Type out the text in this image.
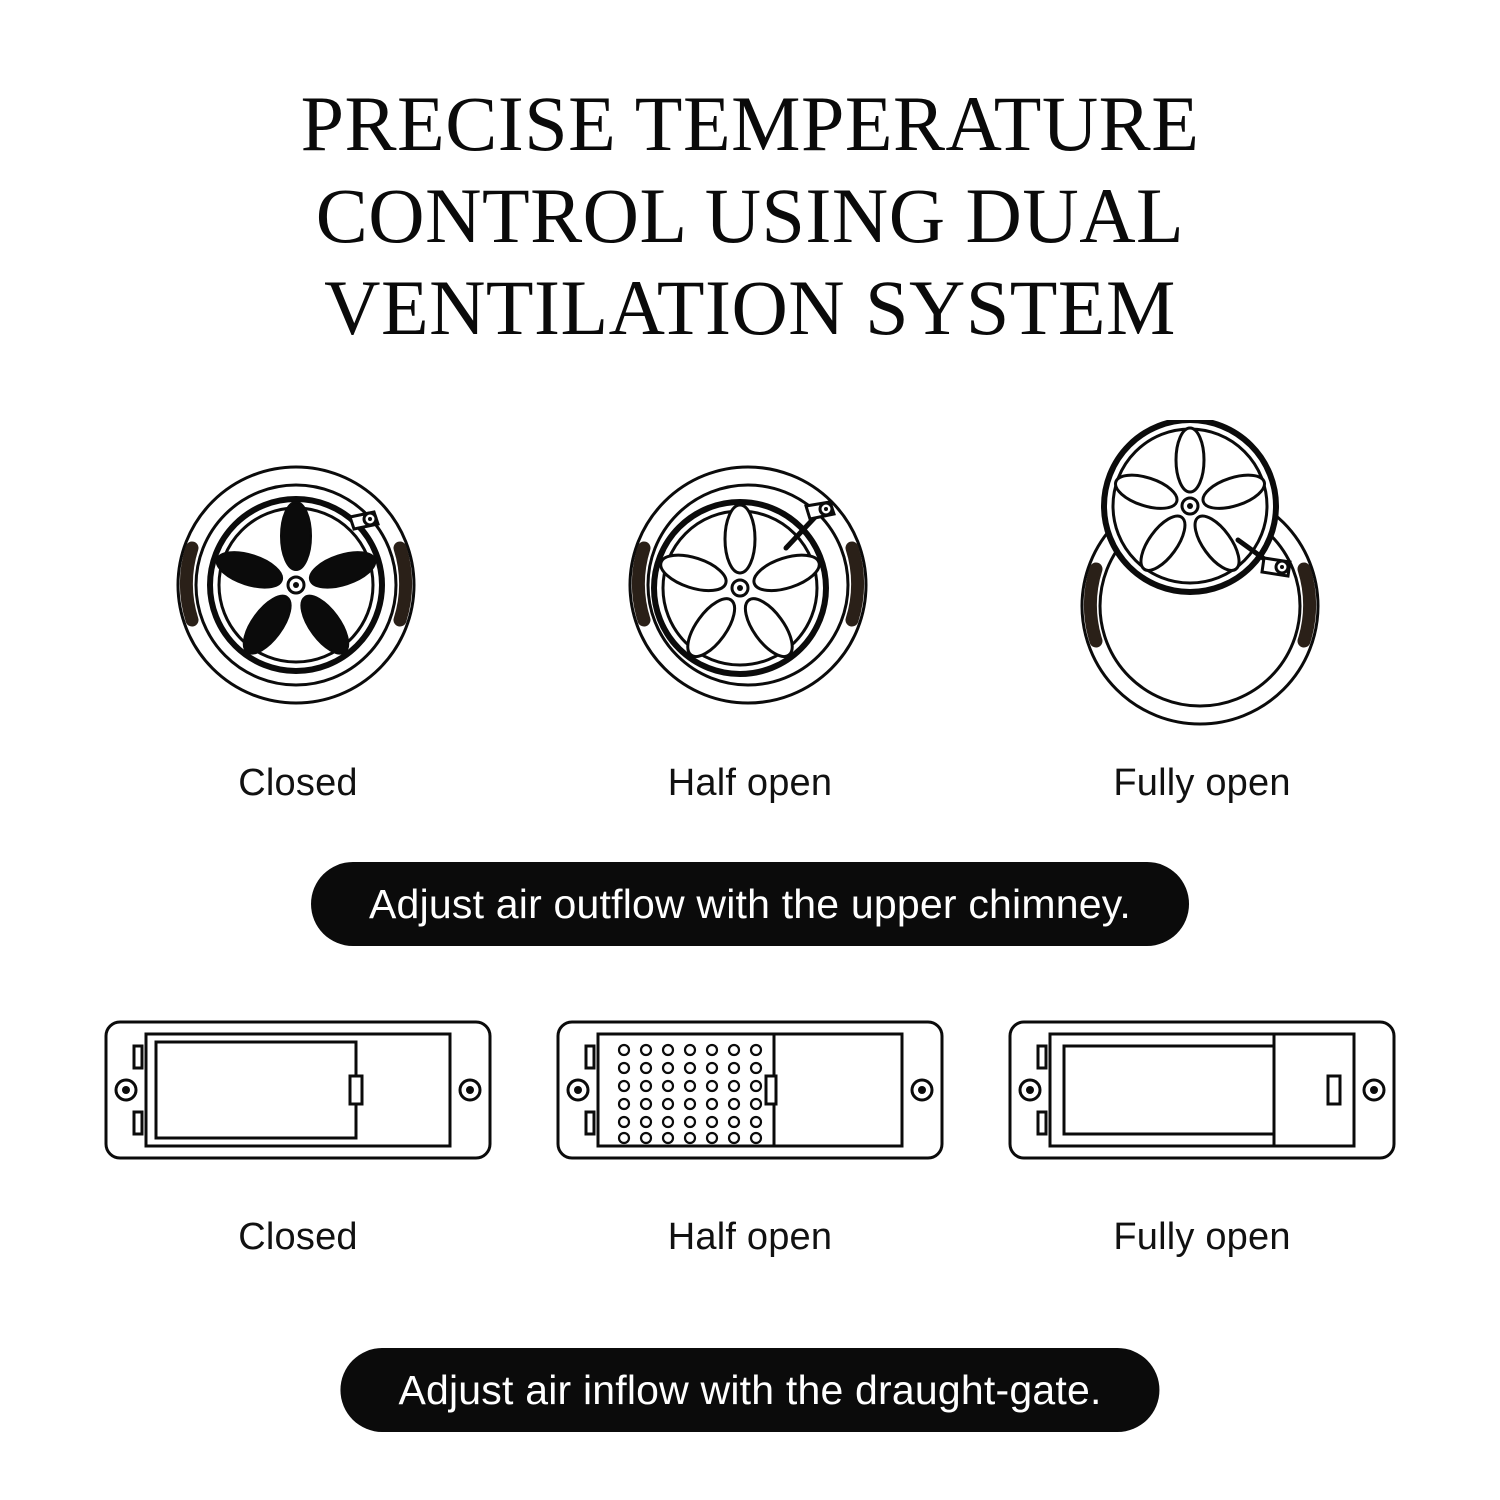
PRECISE TEMPERATURE
CONTROL USING DUAL
VENTILATION SYSTEM
Closed	Half open	Fully open
Adjust air outflow with the upper chimney.
Closed	Half open	Fully open
Adjust air inflow with the draught-gate.
